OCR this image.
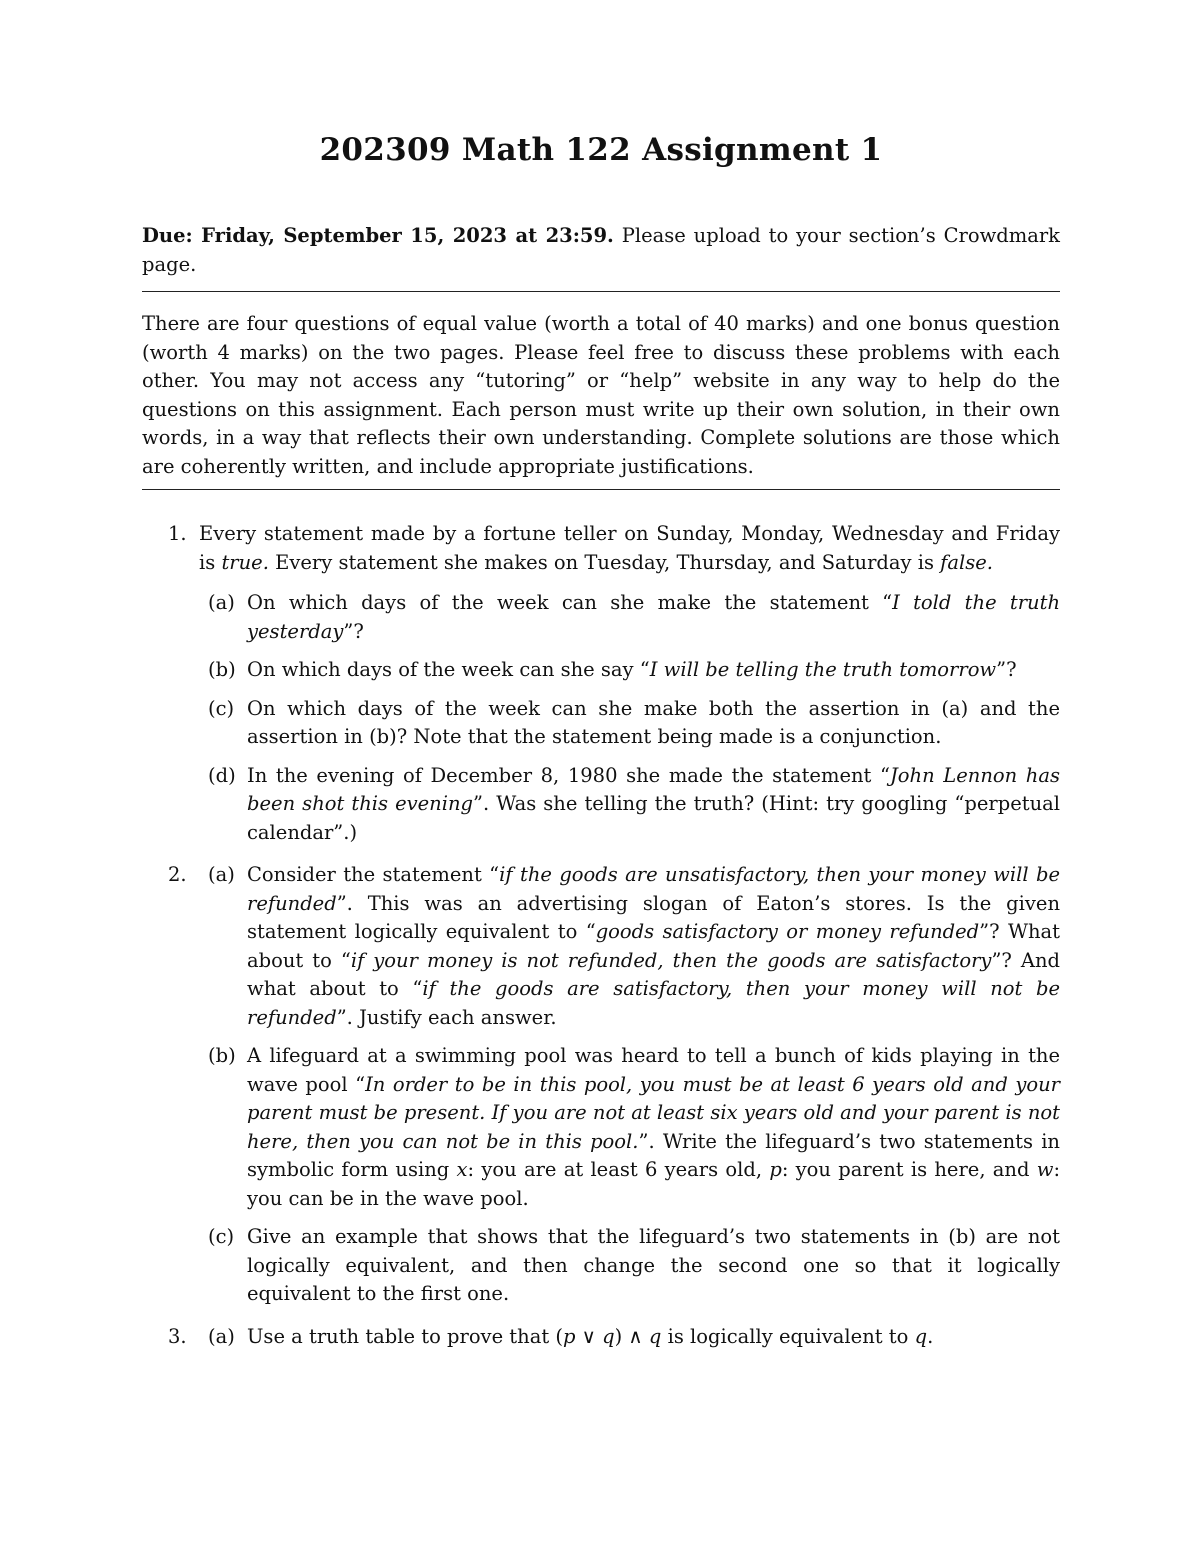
202309 Math 122 Assignment 1

Due: Friday, September 15, 2023 at 23:59. Please upload to your section’s Crowdmark page.

There are four questions of equal value (worth a total of 40 marks) and one bonus question (worth 4 marks) on the two pages. Please feel free to discuss these problems with each other. You may not access any “tutoring” or “help” website in any way to help do the questions on this assignment. Each person must write up their own solution, in their own words, in a way that reflects their own understanding. Complete solutions are those which are coherently written, and include appropriate justifications.

1. Every statement made by a fortune teller on Sunday, Monday, Wednesday and Friday is true. Every statement she makes on Tuesday, Thursday, and Saturday is false.

(a) On which days of the week can she make the statement “I told the truth yesterday”?
(b) On which days of the week can she say “I will be telling the truth tomorrow”?
(c) On which days of the week can she make both the assertion in (a) and the assertion in (b)? Note that the statement being made is a conjunction.
(d) In the evening of December 8, 1980 she made the statement “John Lennon has been shot this evening”. Was she telling the truth? (Hint: try googling “perpetual calendar”.)
2. (a) Consider the statement “if the goods are unsatisfactory, then your money will be refunded”. This was an advertising slogan of Eaton’s stores. Is the given statement logically equivalent to “goods satisfactory or money refunded”? What about to “if your money is not refunded, then the goods are satisfactory”? And what about to “if the goods are satisfactory, then your money will not be refunded”. Justify each answer.
(b) A lifeguard at a swimming pool was heard to tell a bunch of kids playing in the wave pool “In order to be in this pool, you must be at least 6 years old and your parent must be present. If you are not at least six years old and your parent is not here, then you can not be in this pool.”. Write the lifeguard’s two statements in symbolic form using x: you are at least 6 years old, p: you parent is here, and w: you can be in the wave pool.
(c) Give an example that shows that the lifeguard’s two statements in (b) are not logically equivalent, and then change the second one so that it logically equivalent to the first one.
3. (a) Use a truth table to prove that (p ∨ q) ∧ q is logically equivalent to q.
